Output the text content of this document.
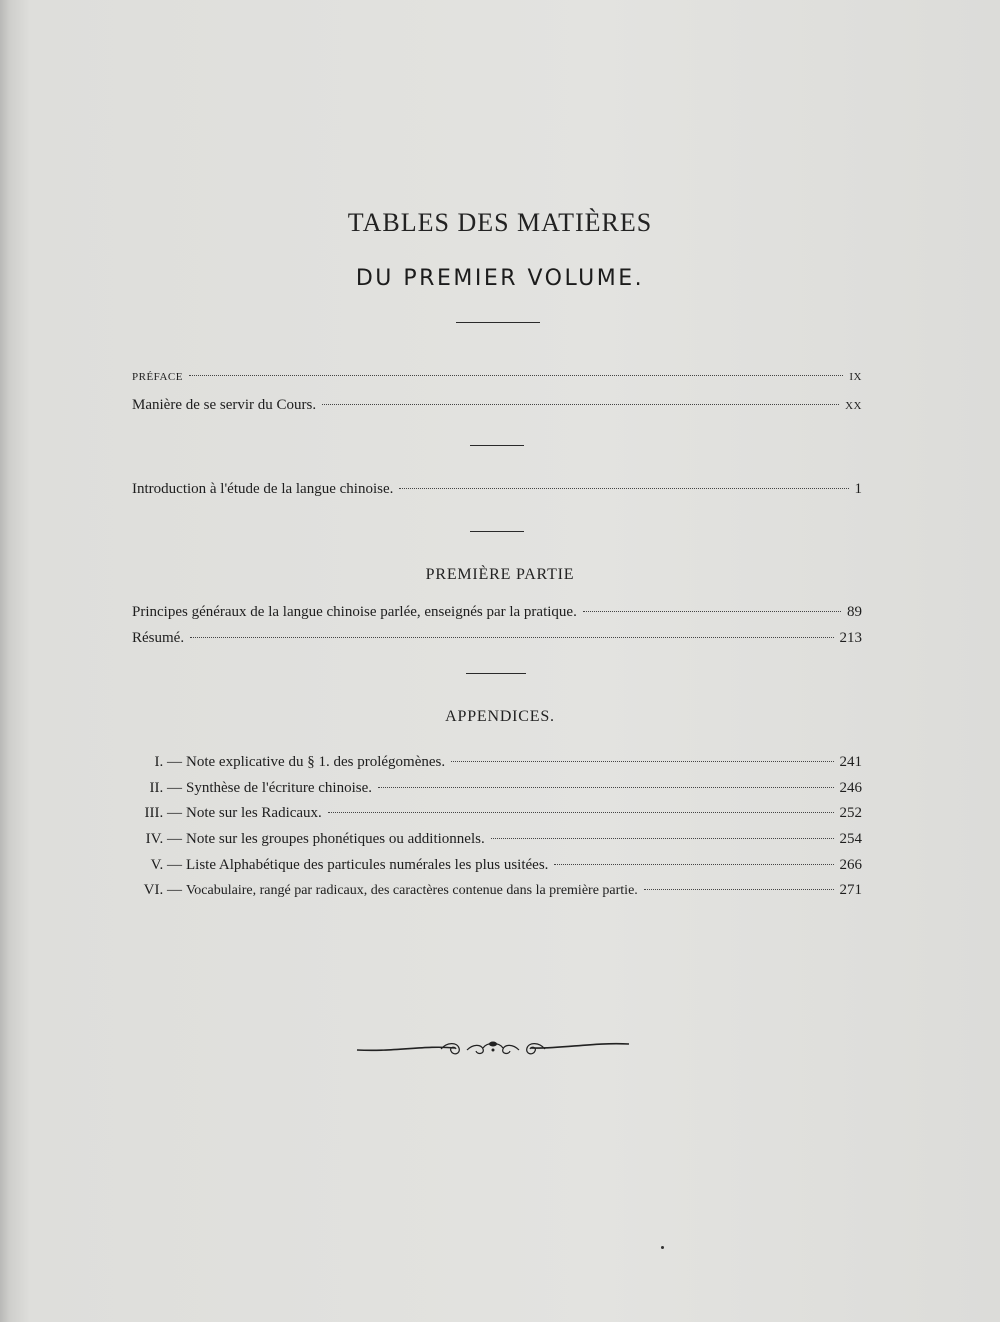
TABLES DES MATIÈRES
DU PREMIER VOLUME.
PRÉFACE	IX
Manière de se servir du Cours.	XX
Introduction à l'étude de la langue chinoise.	1
PREMIÈRE PARTIE
Principes généraux de la langue chinoise parlée, enseignés par la pratique.	89
Résumé.	213
APPENDICES.
I. — Note explicative du § 1. des prolégomènes.	241
II. — Synthèse de l'écriture chinoise.	246
III. — Note sur les Radicaux.	252
IV. — Note sur les groupes phonétiques ou additionnels.	254
V. — Liste Alphabétique des particules numérales les plus usitées.	266
VI. — Vocabulaire, rangé par radicaux, des caractères contenue dans la première partie.	271
